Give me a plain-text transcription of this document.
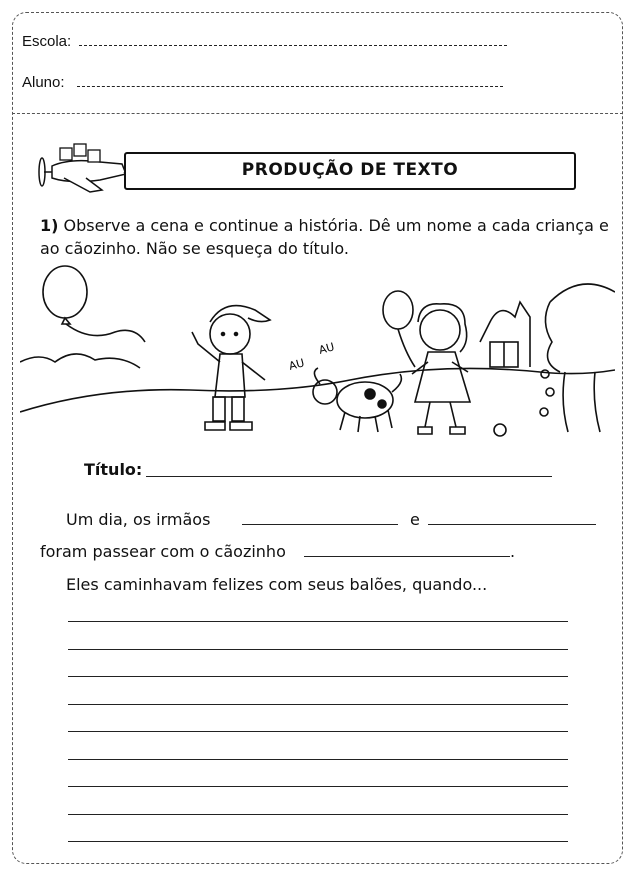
Escola:
Aluno:
PRODUÇÃO DE TEXTO
1) Observe a cena e continue a história. Dê um nome a cada criança e ao cãozinho. Não se esqueça do título.
AU
AU
Título:
Um dia, os irmãos	e
foram passear com o cãozinho	.
Eles caminhavam felizes com seus balões, quando...
